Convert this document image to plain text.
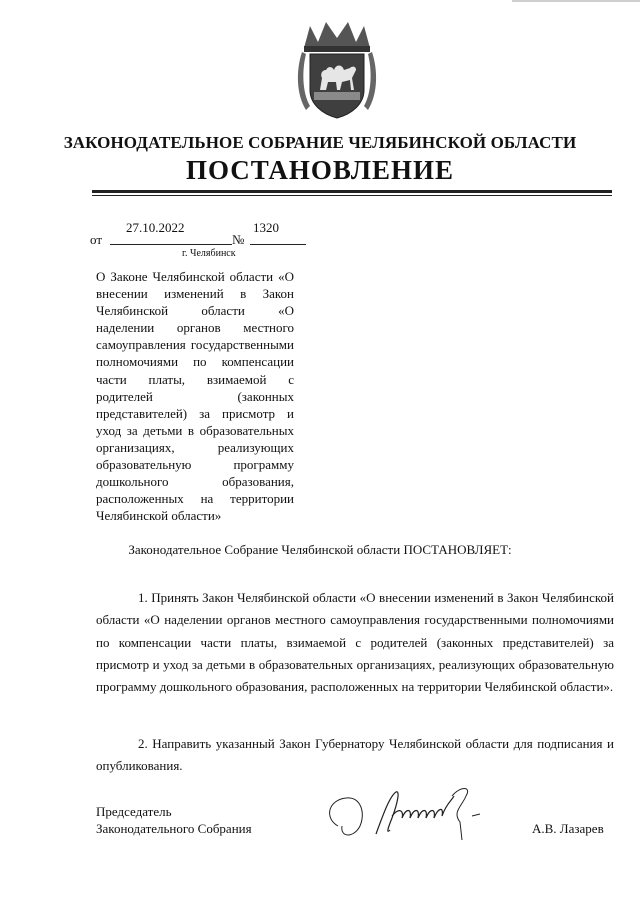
ЗАКОНОДАТЕЛЬНОЕ СОБРАНИЕ ЧЕЛЯБИНСКОЙ ОБЛАСТИ
ПОСТАНОВЛЕНИЕ
от
27.10.2022
№
1320
г. Челябинск
О Законе Челябинской области «О внесении изменений в Закон Челябинской области «О наделении органов местного самоуправления государственными полномочиями по компенсации части платы, взимаемой с родителей (законных представителей) за присмотр и уход за детьми в образовательных организациях, реализующих образовательную программу дошкольного образования, расположенных на территории Челябинской области»
Законодательное Собрание Челябинской области ПОСТАНОВЛЯЕТ:
1. Принять Закон Челябинской области «О внесении изменений в Закон Челябинской области «О наделении органов местного самоуправления государственными полномочиями по компенсации части платы, взимаемой с родителей (законных представителей) за присмотр и уход за детьми в образовательных организациях, реализующих образовательную программу дошкольного образования, расположенных на территории Челябинской области».
2. Направить указанный Закон Губернатору Челябинской области для подписания и опубликования.
Председатель
Законодательного Собрания	А.В. Лазарев
